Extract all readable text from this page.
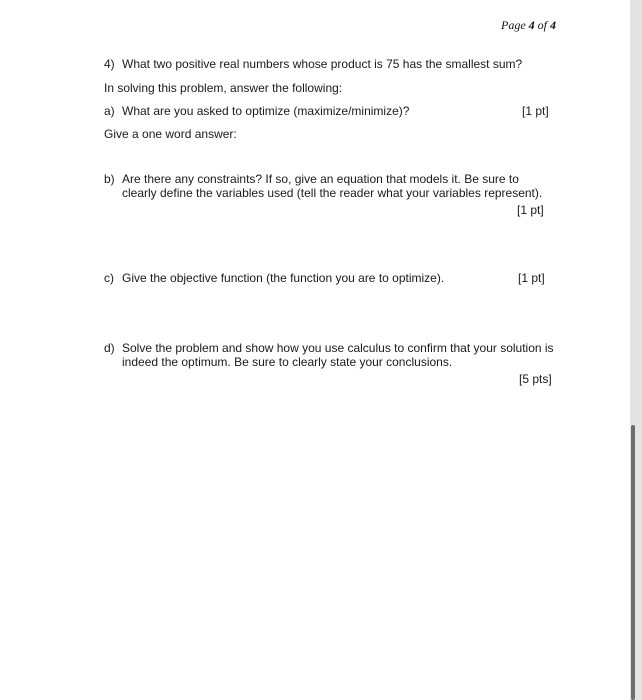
Page 4 of 4
4) What two positive real numbers whose product is 75 has the smallest sum?
In solving this problem, answer the following:
a) What are you asked to optimize (maximize/minimize)?	[1 pt]
Give a one word answer:
b) Are there any constraints? If so, give an equation that models it. Be sure to
clearly define the variables used (tell the reader what your variables represent).
[1 pt]
c) Give the objective function (the function you are to optimize).	[1 pt]
d) Solve the problem and show how you use calculus to confirm that your solution is
indeed the optimum. Be sure to clearly state your conclusions.
[5 pts]
